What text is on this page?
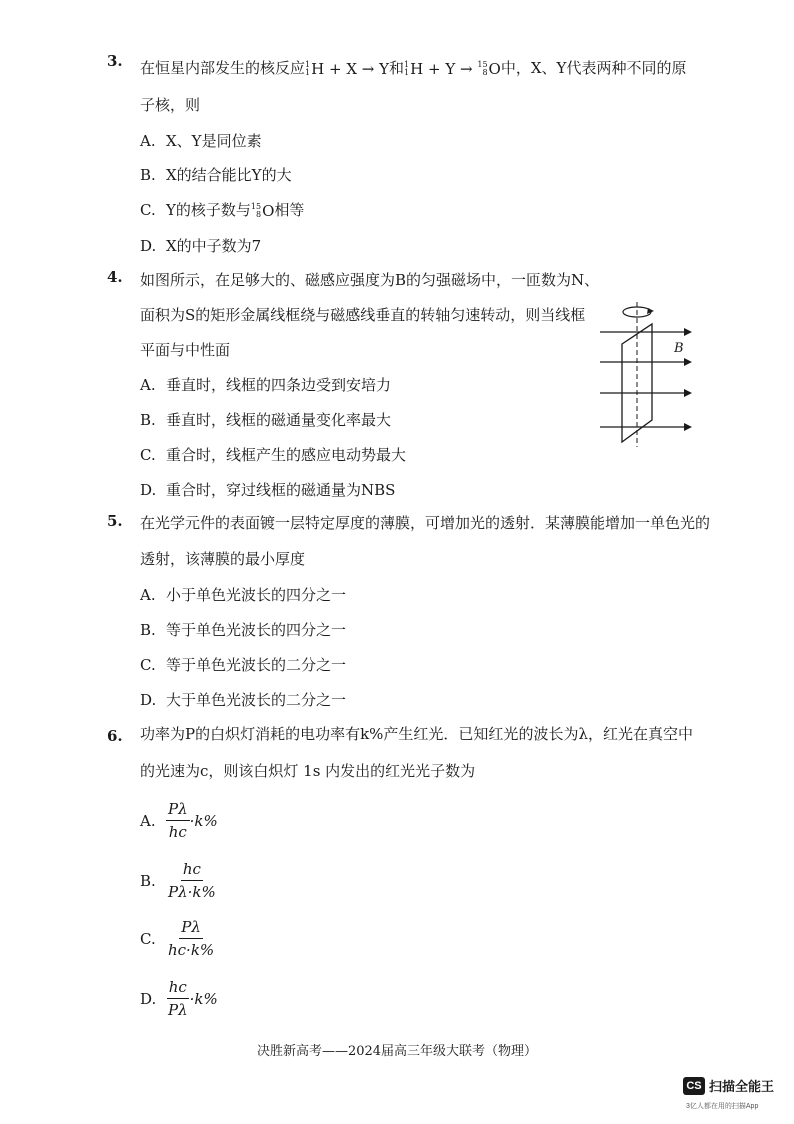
3. 在恒星内部发生的核反应 1
1 H
+ X → Y 和 1
1 H
+ Y →
15
8 O 中，X、Y代表两种不同的原
子核，则
A. X、Y是同位素
B. X的结合能比Y的大
C. Y的核子数与 15
8 O 相等
D. X的中子数为7
4. 如图所示，在足够大的、磁感应强度为B的匀强磁场中，一匝数为N、
面积为S的矩形金属线框绕与磁感线垂直的转轴匀速转动，则当线框
平面与中性面
A. 垂直时，线框的四条边受到安培力
B. 垂直时，线框的磁通量变化率最大
C. 重合时，线框产生的感应电动势最大
D. 重合时，穿过线框的磁通量为NBS
B
5. 在光学元件的表面镀一层特定厚度的薄膜，可增加光的透射．某薄膜能增加一单色光的
透射，该薄膜的最小厚度
A. 小于单色光波长的四分之一
B. 等于单色光波长的四分之一
C. 等于单色光波长的二分之一
D. 大于单色光波长的二分之一
6. 功率为P的白炽灯消耗的电功率有k%产生红光．已知红光的波长为λ，红光在真空中
的光速为c，则该白炽灯 1s 内发出的红光光子数为
A. $\frac{P\lambda}{hc} \cdot k\%$
B. $\frac{hc}{P\lambda\cdot k\%}$
C. $\frac{P\lambda}{hc\cdot k\%}$
D. $\frac{hc}{P\lambda} \cdot k\%$
决胜新高考——2024届高三年级大联考（物理）
CS 扫描全能王
3亿人都在用的扫描App
